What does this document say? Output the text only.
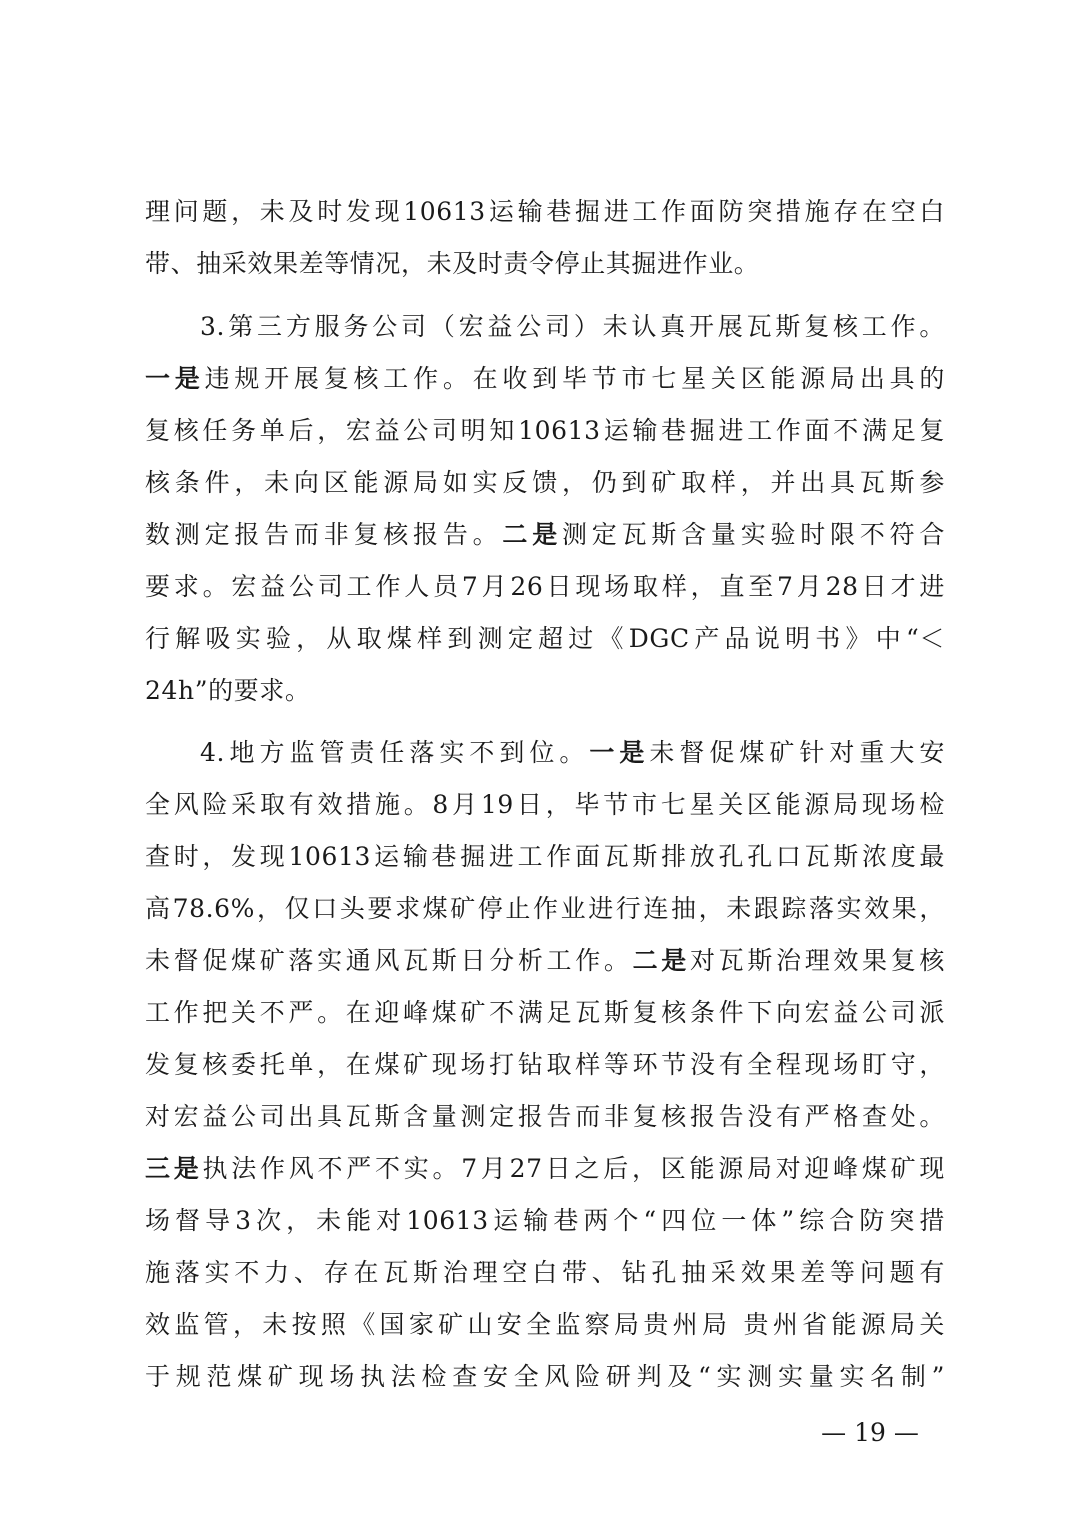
理问题，未及时发现10613运输巷掘进工作面防突措施存在空白
带、抽采效果差等情况，未及时责令停止其掘进作业。
3.第三方服务公司（宏益公司）未认真开展瓦斯复核工作。
一是违规开展复核工作。在收到毕节市七星关区能源局出具的
复核任务单后，宏益公司明知10613运输巷掘进工作面不满足复
核条件，未向区能源局如实反馈，仍到矿取样，并出具瓦斯参
数测定报告而非复核报告。二是测定瓦斯含量实验时限不符合
要求。宏益公司工作人员7月26日现场取样，直至7月28日才进
行解吸实验，从取煤样到测定超过《DGC产品说明书》中“＜
24h”的要求。
4.地方监管责任落实不到位。一是未督促煤矿针对重大安
全风险采取有效措施。8月19日，毕节市七星关区能源局现场检
查时，发现10613运输巷掘进工作面瓦斯排放孔孔口瓦斯浓度最
高78.6%，仅口头要求煤矿停止作业进行连抽，未跟踪落实效果，
未督促煤矿落实通风瓦斯日分析工作。二是对瓦斯治理效果复核
工作把关不严。在迎峰煤矿不满足瓦斯复核条件下向宏益公司派
发复核委托单，在煤矿现场打钻取样等环节没有全程现场盯守，
对宏益公司出具瓦斯含量测定报告而非复核报告没有严格查处。
三是执法作风不严不实。7月27日之后，区能源局对迎峰煤矿现
场督导3次，未能对10613运输巷两个“四位一体”综合防突措
施落实不力、存在瓦斯治理空白带、钻孔抽采效果差等问题有
效监管，未按照《国家矿山安全监察局贵州局 贵州省能源局关
于规范煤矿现场执法检查安全风险研判及“实测实量实名制”
— 19 —
